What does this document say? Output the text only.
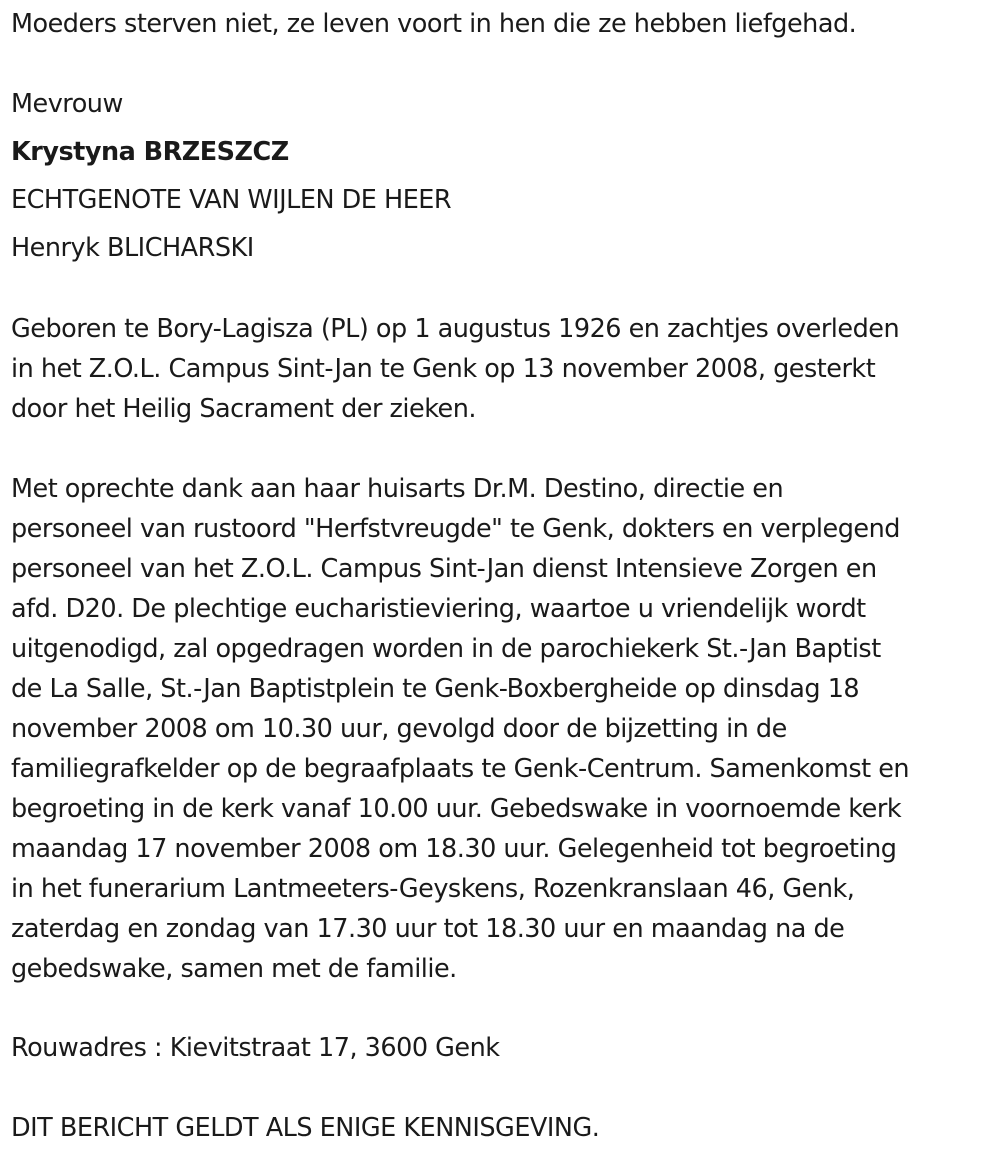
Moeders sterven niet, ze leven voort in hen die ze hebben liefgehad.
Mevrouw
Krystyna BRZESZCZ
ECHTGENOTE VAN WIJLEN DE HEER
Henryk BLICHARSKI
Geboren te Bory-Lagisza (PL) op 1 augustus 1926 en zachtjes overleden
in het Z.O.L. Campus Sint-Jan te Genk op 13 november 2008, gesterkt
door het Heilig Sacrament der zieken.
Met oprechte dank aan haar huisarts Dr.M. Destino, directie en
personeel van rustoord "Herfstvreugde" te Genk, dokters en verplegend
personeel van het Z.O.L. Campus Sint-Jan dienst Intensieve Zorgen en
afd. D20. De plechtige eucharistieviering, waartoe u vriendelijk wordt
uitgenodigd, zal opgedragen worden in de parochiekerk St.-Jan Baptist
de La Salle, St.-Jan Baptistplein te Genk-Boxbergheide op dinsdag 18
november 2008 om 10.30 uur, gevolgd door de bijzetting in de
familiegrafkelder op de begraafplaats te Genk-Centrum. Samenkomst en
begroeting in de kerk vanaf 10.00 uur. Gebedswake in voornoemde kerk
maandag 17 november 2008 om 18.30 uur. Gelegenheid tot begroeting
in het funerarium Lantmeeters-Geyskens, Rozenkranslaan 46, Genk,
zaterdag en zondag van 17.30 uur tot 18.30 uur en maandag na de
gebedswake, samen met de familie.
Rouwadres : Kievitstraat 17, 3600 Genk
DIT BERICHT GELDT ALS ENIGE KENNISGEVING.
